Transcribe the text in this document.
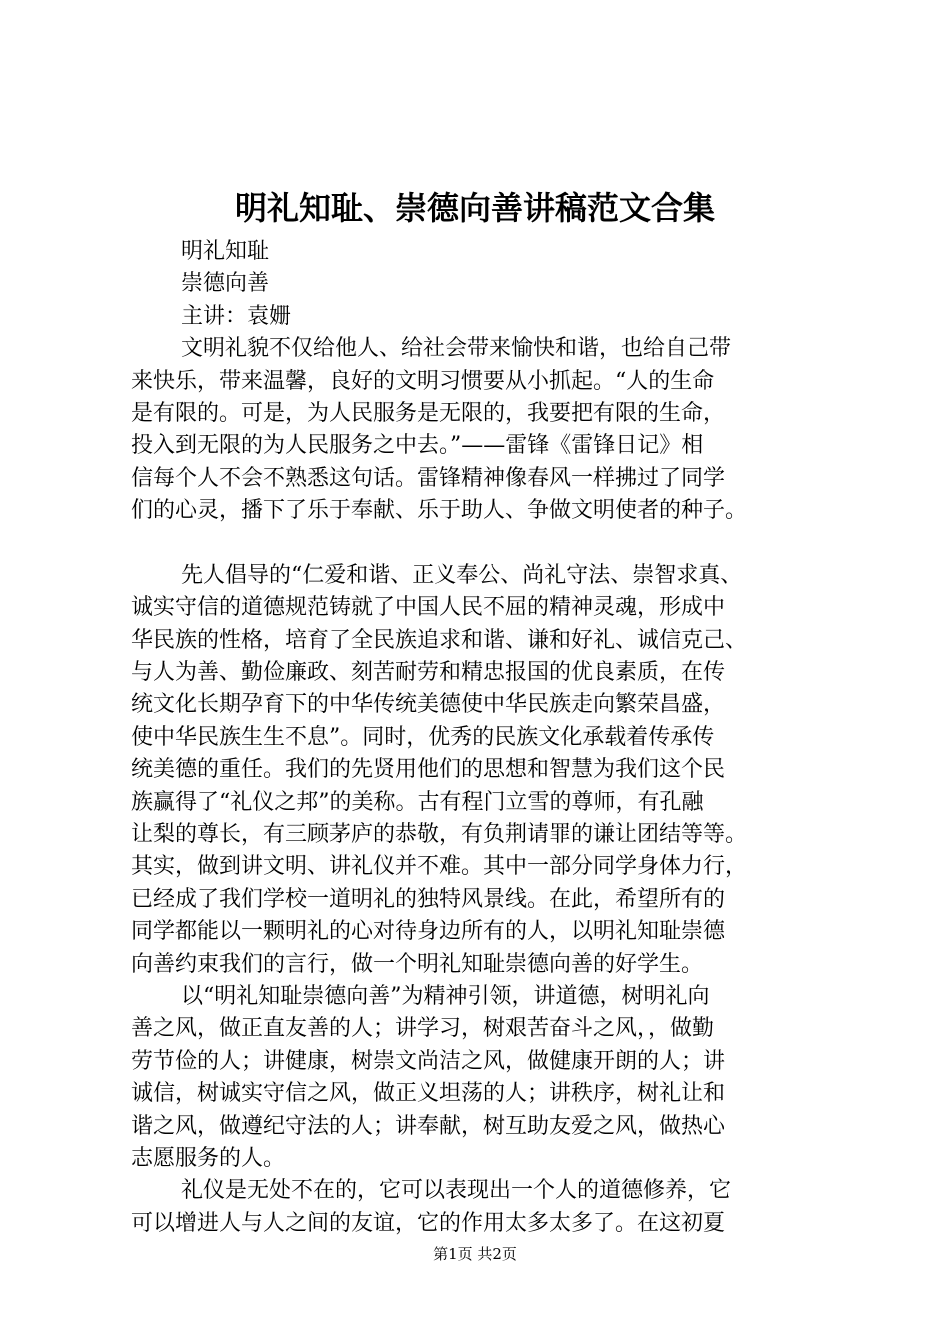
明礼知耻、崇德向善讲稿范文合集
明礼知耻
崇德向善
主讲：袁姗
文明礼貌不仅给他人、给社会带来愉快和谐，也给自己带
来快乐，带来温馨，良好的文明习惯要从小抓起。“人的生命
是有限的。可是，为人民服务是无限的，我要把有限的生命，
投入到无限的为人民服务之中去。”——雷锋《雷锋日记》相
信每个人不会不熟悉这句话。雷锋精神像春风一样拂过了同学
们的心灵，播下了乐于奉献、乐于助人、争做文明使者的种子。
先人倡导的“仁爱和谐、正义奉公、尚礼守法、崇智求真、
诚实守信的道德规范铸就了中国人民不屈的精神灵魂，形成中
华民族的性格，培育了全民族追求和谐、谦和好礼、诚信克己、
与人为善、勤俭廉政、刻苦耐劳和精忠报国的优良素质，在传
统文化长期孕育下的中华传统美德使中华民族走向繁荣昌盛，
使中华民族生生不息”。同时，优秀的民族文化承载着传承传
统美德的重任。我们的先贤用他们的思想和智慧为我们这个民
族赢得了“礼仪之邦”的美称。古有程门立雪的尊师，有孔融
让梨的尊长，有三顾茅庐的恭敬，有负荆请罪的谦让团结等等。
其实，做到讲文明、讲礼仪并不难。其中一部分同学身体力行，
已经成了我们学校一道明礼的独特风景线。在此，希望所有的
同学都能以一颗明礼的心对待身边所有的人，以明礼知耻崇德
向善约束我们的言行，做一个明礼知耻崇德向善的好学生。
以“明礼知耻崇德向善”为精神引领，讲道德，树明礼向
善之风，做正直友善的人；讲学习，树艰苦奋斗之风，，做勤
劳节俭的人；讲健康，树崇文尚洁之风，做健康开朗的人；讲
诚信，树诚实守信之风，做正义坦荡的人；讲秩序，树礼让和
谐之风，做遵纪守法的人；讲奉献，树互助友爱之风，做热心
志愿服务的人。
礼仪是无处不在的，它可以表现出一个人的道德修养，它
可以增进人与人之间的友谊，它的作用太多太多了。在这初夏
第1页 共2页
